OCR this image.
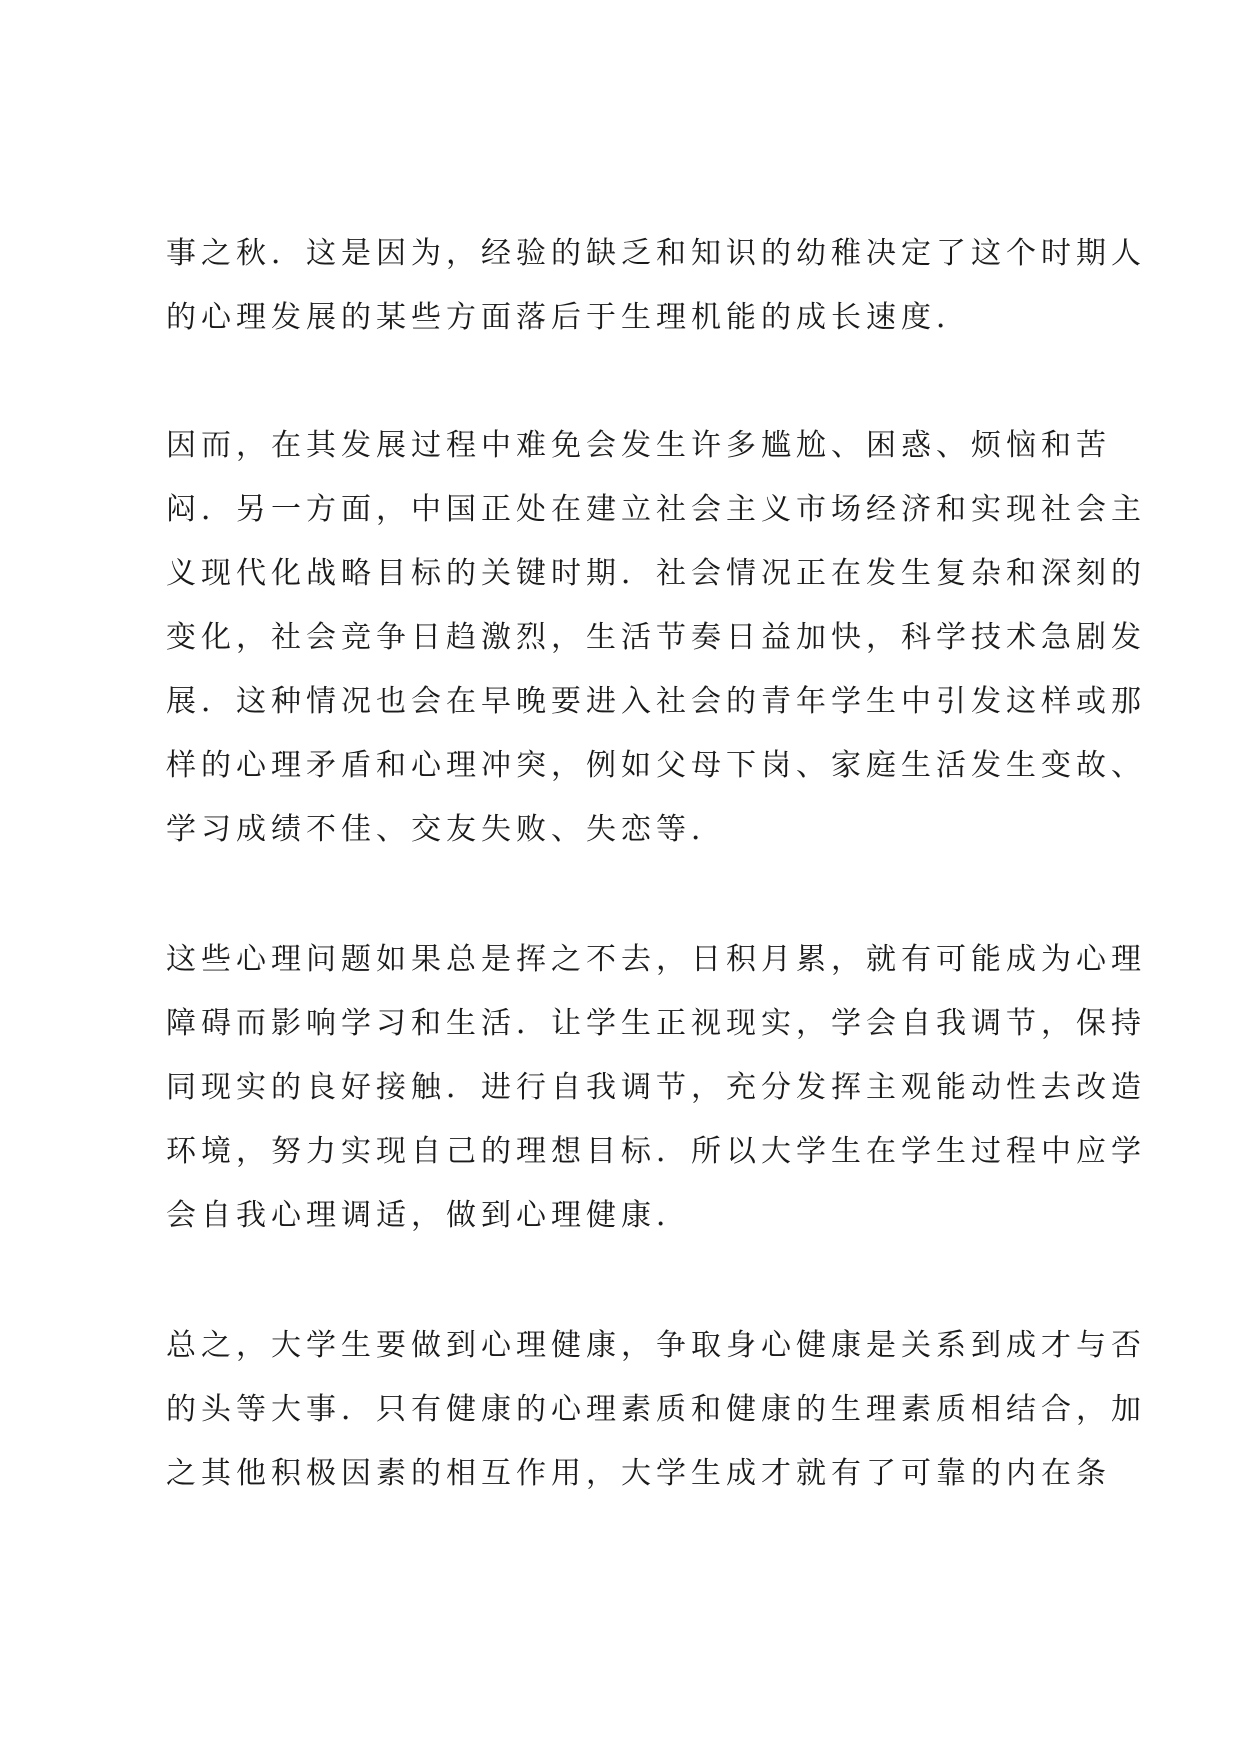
事之秋．这是因为，经验的缺乏和知识的幼稚决定了这个时期人
的心理发展的某些方面落后于生理机能的成长速度．
因而，在其发展过程中难免会发生许多尴尬、困惑、烦恼和苦
闷．另一方面，中国正处在建立社会主义市场经济和实现社会主
义现代化战略目标的关键时期．社会情况正在发生复杂和深刻的
变化，社会竞争日趋激烈，生活节奏日益加快，科学技术急剧发
展．这种情况也会在早晚要进入社会的青年学生中引发这样或那
样的心理矛盾和心理冲突，例如父母下岗、家庭生活发生变故、
学习成绩不佳、交友失败、失恋等．
这些心理问题如果总是挥之不去，日积月累，就有可能成为心理
障碍而影响学习和生活．让学生正视现实，学会自我调节，保持
同现实的良好接触．进行自我调节，充分发挥主观能动性去改造
环境，努力实现自己的理想目标．所以大学生在学生过程中应学
会自我心理调适，做到心理健康．
总之，大学生要做到心理健康，争取身心健康是关系到成才与否
的头等大事．只有健康的心理素质和健康的生理素质相结合，加
之其他积极因素的相互作用，大学生成才就有了可靠的内在条
